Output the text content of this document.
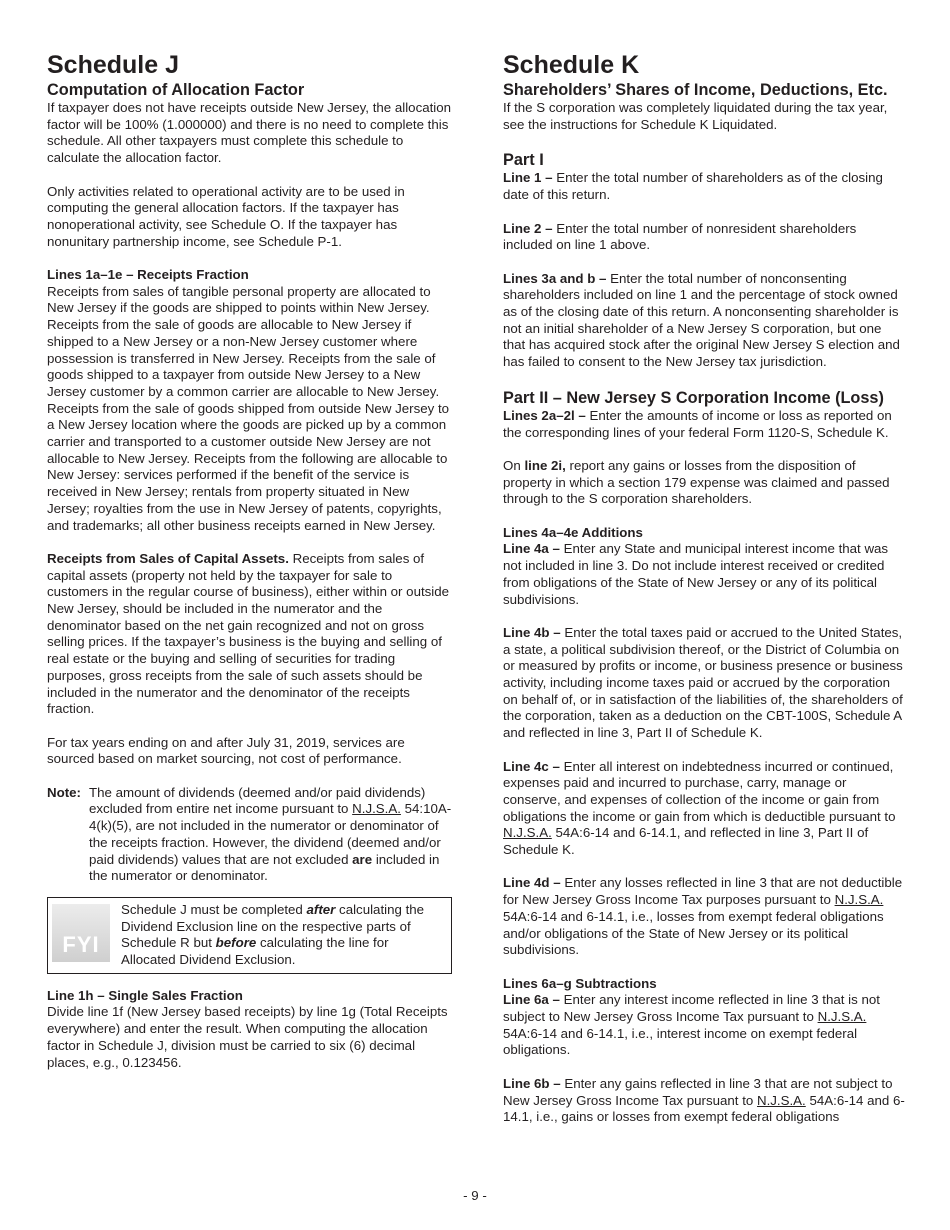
Schedule J
Computation of Allocation Factor

If taxpayer does not have receipts outside New Jersey, the allocation factor will be 100% (1.000000) and there is no need to complete this schedule. All other taxpayers must complete this schedule to calculate the allocation factor.

Only activities related to operational activity are to be used in computing the general allocation factors. If the taxpayer has nonoperational activity, see Schedule O. If the taxpayer has nonunitary partnership income, see Schedule P-1.

Lines 1a–1e – Receipts Fraction

Receipts from sales of tangible personal property are allocated to New Jersey if the goods are shipped to points within New Jersey. Receipts from the sale of goods are allocable to New Jersey if shipped to a New Jersey or a non-New Jersey customer where possession is transferred in New Jersey. Receipts from the sale of goods shipped to a taxpayer from outside New Jersey to a New Jersey customer by a common carrier are allocable to New Jersey. Receipts from the sale of goods shipped from outside New Jersey to a New Jersey location where the goods are picked up by a common carrier and transported to a customer outside New Jersey are not allocable to New Jersey. Receipts from the following are allocable to New Jersey: services performed if the benefit of the service is received in New Jersey; rentals from property situated in New Jersey; royalties from the use in New Jersey of patents, copyrights, and trademarks; all other business receipts earned in New Jersey.

Receipts from Sales of Capital Assets. Receipts from sales of capital assets (property not held by the taxpayer for sale to customers in the regular course of business), either within or outside New Jersey, should be included in the numerator and the denominator based on the net gain recognized and not on gross selling prices. If the taxpayer’s business is the buying and selling of real estate or the buying and selling of securities for trading purposes, gross receipts from the sale of such assets should be included in the numerator and the denominator of the receipts fraction.

For tax years ending on and after July 31, 2019, services are sourced based on market sourcing, not cost of performance.

Note: The amount of dividends (deemed and/or paid dividends) excluded from entire net income pursuant to N.J.S.A. 54:10A-4(k)(5), are not included in the numerator or denominator of the receipts fraction. However, the dividend (deemed and/or paid dividends) values that are not excluded are included in the numerator or denominator.
FYI

Schedule J must be completed after calculating the Dividend Exclusion line on the respective parts of Schedule R but before calculating the line for Allocated Dividend Exclusion.

Line 1h – Single Sales Fraction

Divide line 1f (New Jersey based receipts) by line 1g (Total Receipts everywhere) and enter the result. When computing the allocation factor in Schedule J, division must be carried to six (6) decimal places, e.g., 0.123456.

Schedule K
Shareholders’ Shares of Income, Deductions, Etc.

If the S corporation was completely liquidated during the tax year, see the instructions for Schedule K Liquidated.

Part I

Line 1 – Enter the total number of shareholders as of the closing date of this return.

Line 2 – Enter the total number of nonresident shareholders included on line 1 above.

Lines 3a and b – Enter the total number of nonconsenting shareholders included on line 1 and the percentage of stock owned as of the closing date of this return. A nonconsenting shareholder is not an initial shareholder of a New Jersey S corporation, but one that has acquired stock after the original New Jersey S election and has failed to consent to the New Jersey tax jurisdiction.

Part II – New Jersey S Corporation Income (Loss)

Lines 2a–2l – Enter the amounts of income or loss as reported on the corresponding lines of your federal Form 1120-S, Schedule K.

On line 2i, report any gains or losses from the disposition of property in which a section 179 expense was claimed and passed through to the S corporation shareholders.

Lines 4a–4e Additions

Line 4a – Enter any State and municipal interest income that was not included in line 3. Do not include interest received or credited from obligations of the State of New Jersey or any of its political subdivisions.

Line 4b – Enter the total taxes paid or accrued to the United States, a state, a political subdivision thereof, or the District of Columbia on or measured by profits or income, or business presence or business activity, including income taxes paid or accrued by the corporation on behalf of, or in satisfaction of the liabilities of, the shareholders of the corporation, taken as a deduction on the CBT-100S, Schedule A and reflected in line 3, Part II of Schedule K.

Line 4c – Enter all interest on indebtedness incurred or continued, expenses paid and incurred to purchase, carry, manage or conserve, and expenses of collection of the income or gain from obligations the income or gain from which is deductible pursuant to N.J.S.A. 54A:6-14 and 6-14.1, and reflected in line 3, Part II of Schedule K.

Line 4d – Enter any losses reflected in line 3 that are not deductible for New Jersey Gross Income Tax purposes pursuant to N.J.S.A. 54A:6-14 and 6-14.1, i.e., losses from exempt federal obligations and/or obligations of the State of New Jersey or its political subdivisions.

Lines 6a–g Subtractions

Line 6a – Enter any interest income reflected in line 3 that is not subject to New Jersey Gross Income Tax pursuant to N.J.S.A. 54A:6-14 and 6-14.1, i.e., interest income on exempt federal obligations.

Line 6b – Enter any gains reflected in line 3 that are not subject to New Jersey Gross Income Tax pursuant to N.J.S.A. 54A:6-14 and 6-14.1, i.e., gains or losses from exempt federal obligations

- 9 -
